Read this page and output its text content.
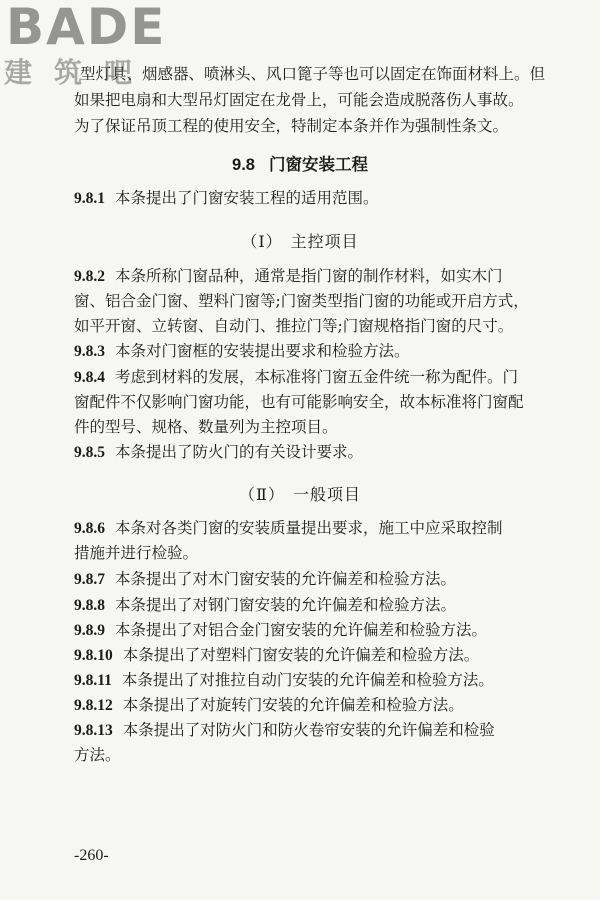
BADE
建筑吧
型灯具、烟感器、喷淋头、风口篦子等也可以固定在饰面材料上。但
如果把电扇和大型吊灯固定在龙骨上，可能会造成脱落伤人事故。
为了保证吊顶工程的使用安全，特制定本条并作为强制性条文。
9.8 门窗安装工程
9.8.1 本条提出了门窗安装工程的适用范围。
（Ⅰ） 主控项目
9.8.2 本条所称门窗品种，通常是指门窗的制作材料，如实木门
窗、铝合金门窗、塑料门窗等;门窗类型指门窗的功能或开启方式，
如平开窗、立转窗、自动门、推拉门等;门窗规格指门窗的尺寸。
9.8.3 本条对门窗框的安装提出要求和检验方法。
9.8.4 考虑到材料的发展，本标准将门窗五金件统一称为配件。门
窗配件不仅影响门窗功能，也有可能影响安全，故本标准将门窗配
件的型号、规格、数量列为主控项目。
9.8.5 本条提出了防火门的有关设计要求。
（Ⅱ） 一般项目
9.8.6 本条对各类门窗的安装质量提出要求，施工中应采取控制
措施并进行检验。
9.8.7 本条提出了对木门窗安装的允许偏差和检验方法。
9.8.8 本条提出了对钢门窗安装的允许偏差和检验方法。
9.8.9 本条提出了对铝合金门窗安装的允许偏差和检验方法。
9.8.10 本条提出了对塑料门窗安装的允许偏差和检验方法。
9.8.11 本条提出了对推拉自动门安装的允许偏差和检验方法。
9.8.12 本条提出了对旋转门安装的允许偏差和检验方法。
9.8.13 本条提出了对防火门和防火卷帘安装的允许偏差和检验
方法。
-260-
